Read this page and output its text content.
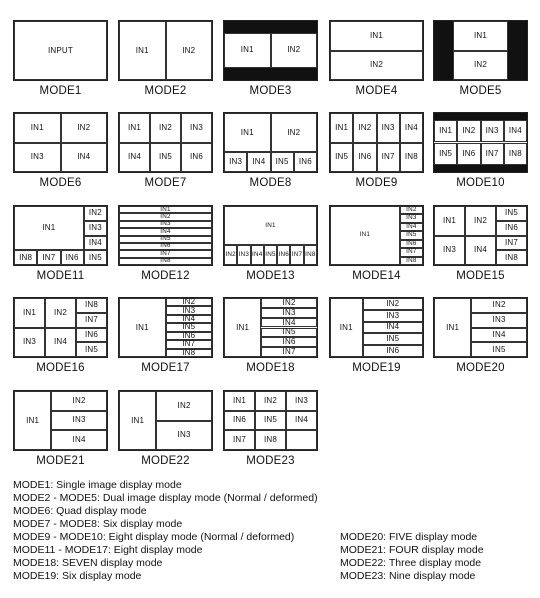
INPUT
MODE1
IN1	IN2
MODE2
IN1	IN2
MODE3
IN1
IN2
MODE4
IN1
IN2
MODE5
IN1	IN2
IN3	IN4
MODE6
IN1	IN2	IN3
IN4	IN5	IN6
MODE7
IN1	IN2
IN3	IN4	IN5	IN6
MODE8
IN1	IN2	IN3	IN4
IN5	IN6	IN7	IN8
MODE9
IN1	IN2	IN3	IN4
IN5	IN6	IN7	IN8
MODE10
IN1
IN2
IN3
IN4
IN8	IN7	IN6	IN5
MODE11
IN1
IN2
IN3
IN4
IN5
IN6
IN7
IN8
MODE12
IN1
IN2 IN3 IN4 IN5 IN6 IN7 IN8
MODE13
IN1
IN2
IN3
IN4
IN5
IN6
IN7
IN8
MODE14
IN1	IN2
IN3	IN4
IN5
IN6
IN7
IN8
MODE15
IN1	IN2
IN3	IN4
IN8
IN7
IN6
IN5
MODE16
IN1
IN2
IN3
IN4
IN5
IN6
IN7
IN8
MODE17
IN1
IN2
IN3
IN4
IN5
IN6
IN7
MODE18
IN1
IN2
IN3
IN4
IN5
IN6
MODE19
IN1
IN2
IN3
IN4
IN5
MODE20
IN1
IN2
IN3
IN4
MODE21
IN1
IN2
IN3
MODE22
IN1	IN2	IN3
IN6	IN5	IN4
IN7	IN8
MODE23
MODE1: Single image display mode
MODE2 - MODE5: Dual image display mode (Normal / deformed)
MODE6: Quad display mode
MODE7 - MODE8: Six display mode
MODE9 - MODE10: Eight display mode (Normal / deformed)
MODE11 - MODE17: Eight display mode
MODE18: SEVEN display mode
MODE19: Six display mode
MODE20: FIVE display mode
MODE21: FOUR display mode
MODE22: Three display mode
MODE23: Nine display mode
